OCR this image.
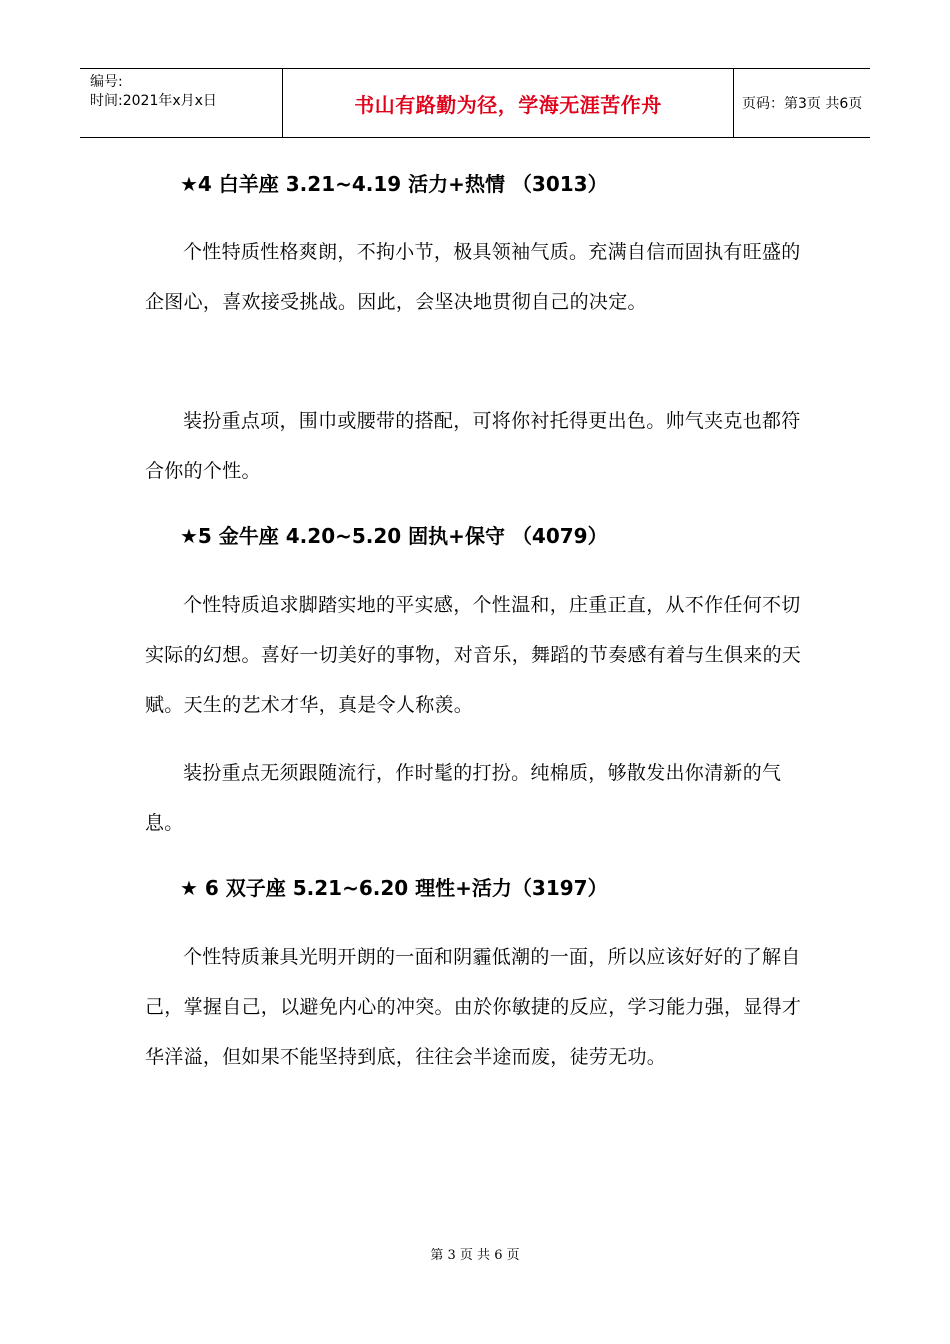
编号:
时间:2021年x月x日	书山有路勤为径，学海无涯苦作舟	页码：第3页 共6页
★4 白羊座 3.21~4.19 活力+热情 （3013）

个性特质性格爽朗，不拘小节，极具领袖气质。充满自信而固执有旺盛的企图心，喜欢接受挑战。因此，会坚决地贯彻自己的决定。

装扮重点项，围巾或腰带的搭配，可将你衬托得更出色。帅气夹克也都符合你的个性。

★5 金牛座 4.20~5.20 固执+保守 （4079）

个性特质追求脚踏实地的平实感，个性温和，庄重正直，从不作任何不切实际的幻想。喜好一切美好的事物，对音乐，舞蹈的节奏感有着与生俱来的天赋。天生的艺术才华，真是令人称羡。

装扮重点无须跟随流行，作时髦的打扮。纯棉质，够散发出你清新的气息。

★ 6 双子座 5.21~6.20 理性+活力（3197）

个性特质兼具光明开朗的一面和阴霾低潮的一面，所以应该好好的了解自己，掌握自己，以避免内心的冲突。由於你敏捷的反应，学习能力强，显得才华洋溢，但如果不能坚持到底，往往会半途而废，徒劳无功。

第 3 页 共 6 页
